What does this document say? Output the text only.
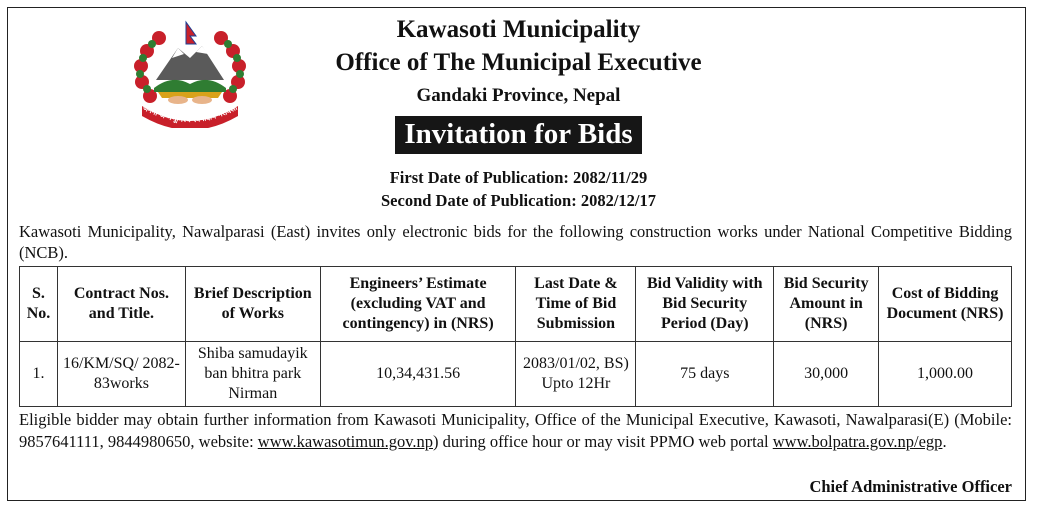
जननी जन्मभूमिश्च स्वर्गादपि गरीयसी
Kawasoti Municipality
Office of The Municipal Executive
Gandaki Province, Nepal
Invitation for Bids
First Date of Publication: 2082/11/29
Second Date of Publication: 2082/12/17
Kawasoti Municipality, Nawalparasi (East) invites only electronic bids for the following construction works under National Competitive Bidding (NCB).
S. No.	Contract Nos. and Title.	Brief Description of Works	Engineers’ Estimate (excluding VAT and contingency) in (NRS)	Last Date & Time of Bid Submission	Bid Validity with Bid Security Period (Day)	Bid Security Amount in (NRS)	Cost of Bidding Document (NRS)
1.	16/KM/SQ/ 2082-83works	Shiba samudayik ban bhitra park Nirman	10,34,431.56	2083/01/02, BS) Upto 12Hr	75 days	30,000	1,000.00
Eligible bidder may obtain further information from Kawasoti Municipality, Office of the Municipal Executive, Kawasoti, Nawalparasi(E) (Mobile: 9857641111, 9844980650, website: www.kawasotimun.gov.np) during office hour or may visit PPMO web portal www.bolpatra.gov.np/egp.
Chief Administrative Officer
